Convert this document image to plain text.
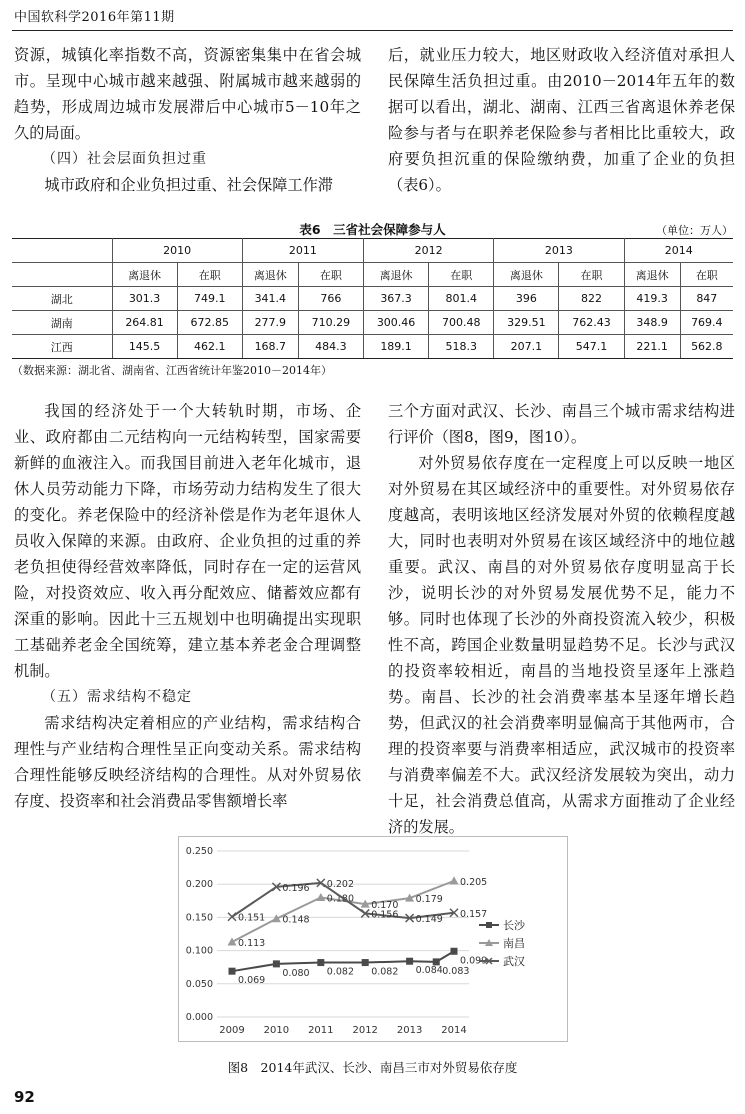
中国软科学2016年第11期

资源，城镇化率指数不高，资源密集集中在省会城市。呈现中心城市越来越强、附属城市越来越弱的趋势，形成周边城市发展滞后中心城市5－10年之久的局面。

（四）社会层面负担过重

城市政府和企业负担过重、社会保障工作滞

后，就业压力较大，地区财政收入经济值对承担人民保障生活负担过重。由2010－2014年五年的数据可以看出，湖北、湖南、江西三省离退休养老保险参与者与在职养老保险参与者相比比重较大，政府要负担沉重的保险缴纳费，加重了企业的负担（表6）。

表6　三省社会保障参与人	（单位：万人）
	2010		2011		2012		2013		2014	
	离退休	在职	离退休	在职	离退休	在职	离退休	在职	离退休	在职
湖北	301.3	749.1	341.4	766	367.3	801.4	396	822	419.3	847
湖南	264.81	672.85	277.9	710.29	300.46	700.48	329.51	762.43	348.9	769.4
江西	145.5	462.1	168.7	484.3	189.1	518.3	207.1	547.1	221.1	562.8
（数据来源：湖北省、湖南省、江西省统计年鉴2010－2014年）

我国的经济处于一个大转轨时期，市场、企业、政府都由二元结构向一元结构转型，国家需要新鲜的血液注入。而我国目前进入老年化城市，退休人员劳动能力下降，市场劳动力结构发生了很大的变化。养老保险中的经济补偿是作为老年退休人员收入保障的来源。由政府、企业负担的过重的养老负担使得经营效率降低，同时存在一定的运营风险，对投资效应、收入再分配效应、储蓄效应都有深重的影响。因此十三五规划中也明确提出实现职工基础养老金全国统筹，建立基本养老金合理调整机制。

（五）需求结构不稳定

需求结构决定着相应的产业结构，需求结构合理性与产业结构合理性呈正向变动关系。需求结构合理性能够反映经济结构的合理性。从对外贸易依存度、投资率和社会消费品零售额增长率

三个方面对武汉、长沙、南昌三个城市需求结构进行评价（图8，图9，图10）。

对外贸易依存度在一定程度上可以反映一地区对外贸易在其区域经济中的重要性。对外贸易依存度越高，表明该地区经济发展对外贸的依赖程度越大，同时也表明对外贸易在该区域经济中的地位越重要。武汉、南昌的对外贸易依存度明显高于长沙，说明长沙的对外贸易发展优势不足，能力不够。同时也体现了长沙的外商投资流入较少，积极性不高，跨国企业数量明显趋势不足。长沙与武汉的投资率较相近，南昌的当地投资呈逐年上涨趋势。南昌、长沙的社会消费率基本呈逐年增长趋势，但武汉的社会消费率明显偏高于其他两市，合理的投资率要与消费率相适应，武汉城市的投资率与消费率偏差不大。武汉经济发展较为突出，动力十足，社会消费总值高，从需求方面推动了企业经济的发展。

0.000
0.050
0.100
0.150
0.200
0.250
2009 2010 2011 2012 2013 2014
0.069
0.080 0.082 0.082 0.084 0.083
0.099
长沙
0.113
0.148
0.180
0.170
0.179
0.205
南昌
0.151
0.196 0.202
0.156 0.149 0.157
武汉
图8　2014年武汉、长沙、南昌三市对外贸易依存度
92
